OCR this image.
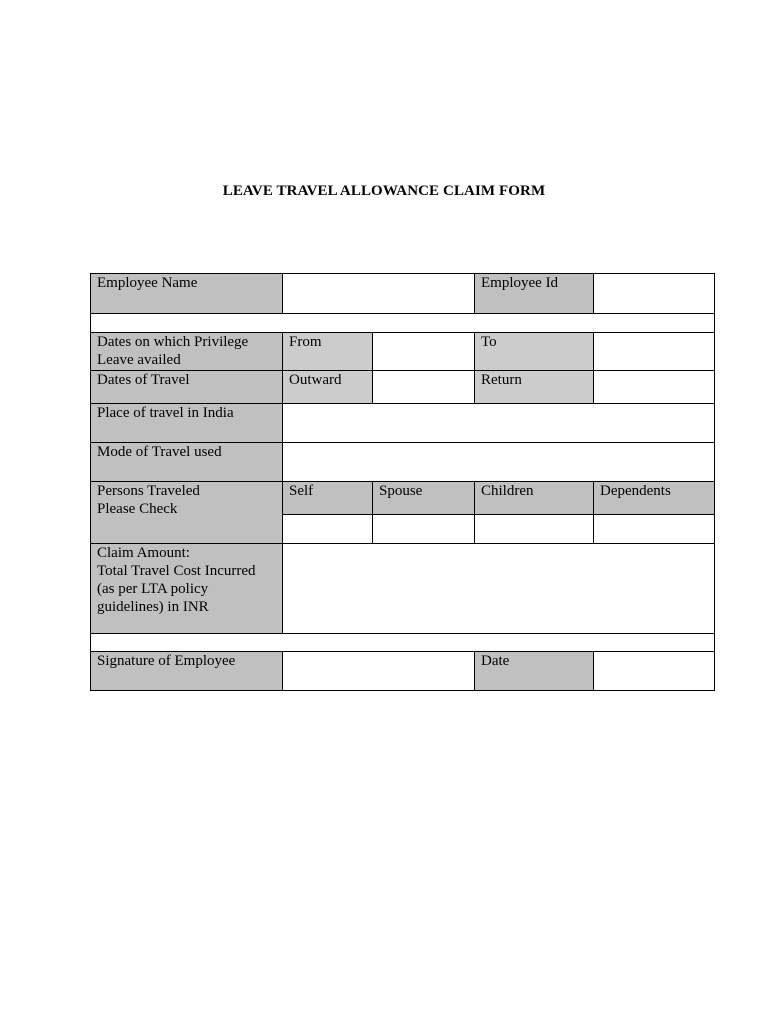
LEAVE TRAVEL ALLOWANCE CLAIM FORM
Employee Name			Employee Id	

Dates on which Privilege
Leave availed	From		To	

Dates of Travel	Outward		Return	

Place of travel in India				

Mode of Travel used				

Persons Traveled
Please Check	Self	Spouse	Children	Dependents

Claim Amount:
Total Travel Cost Incurred
(as per LTA policy
guidelines) in INR				

Signature of Employee			Date	
